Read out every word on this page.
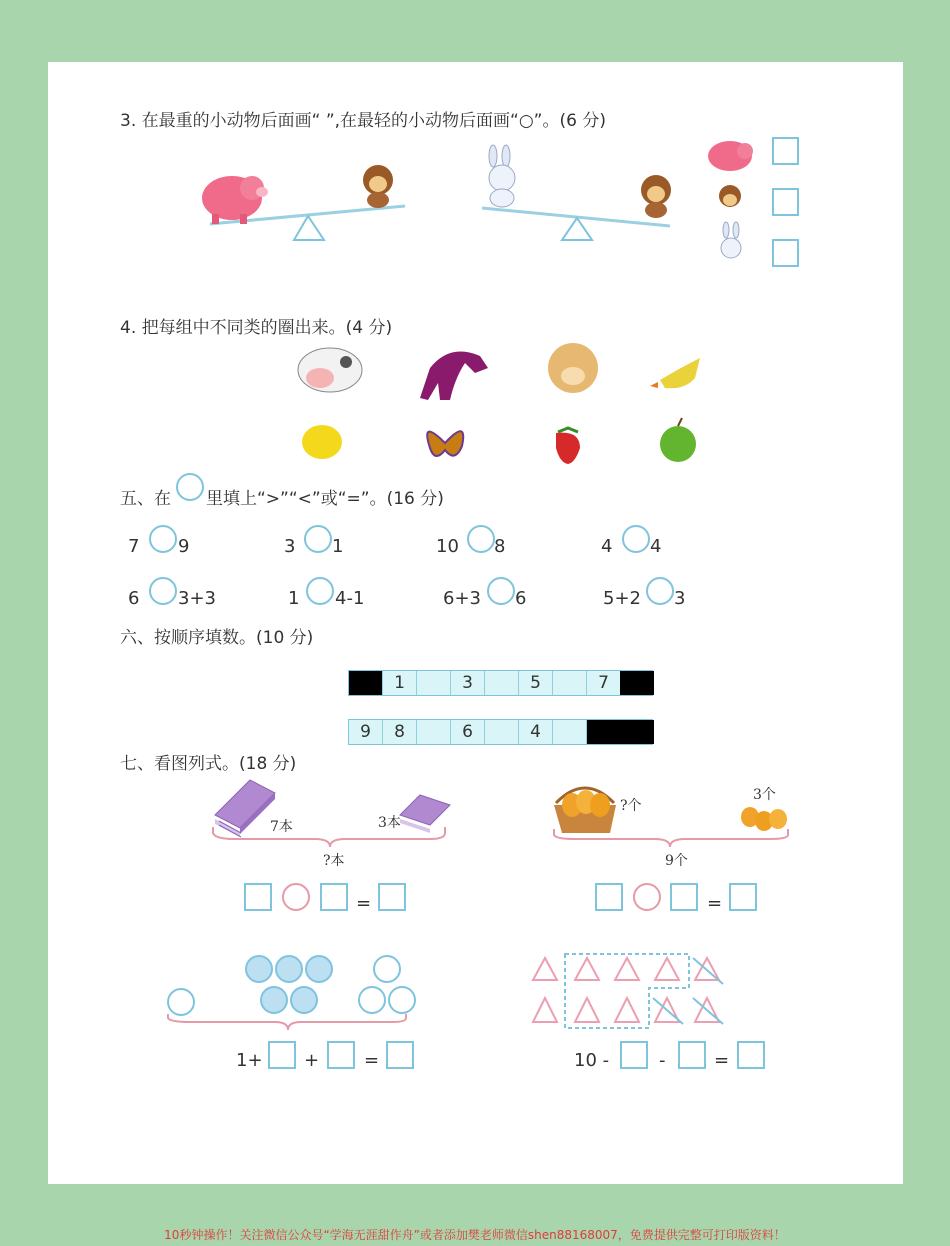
3. 在最重的小动物后面画“ ”,在最轻的小动物后面画“○”。(6 分)
4. 把每组中不同类的圈出来。(4 分)
五、在 里填上“>”“<”或“=”。(16 分)
7 9	3 1	10 8	4 4
6 3+3	1 4-1	6+3 6	5+2 3
六、按顺序填数。(10 分)
1	3	5	7
9	8	6	4
七、看图列式。(18 分)
7本	3本
?本
?个
3个
9个
=	=
1+ + =	10 -	-	=
10秒钟操作！关注微信公众号“学海无涯甜作舟”或者添加樊老师微信shen88168007，免费提供完整可打印版资料！
